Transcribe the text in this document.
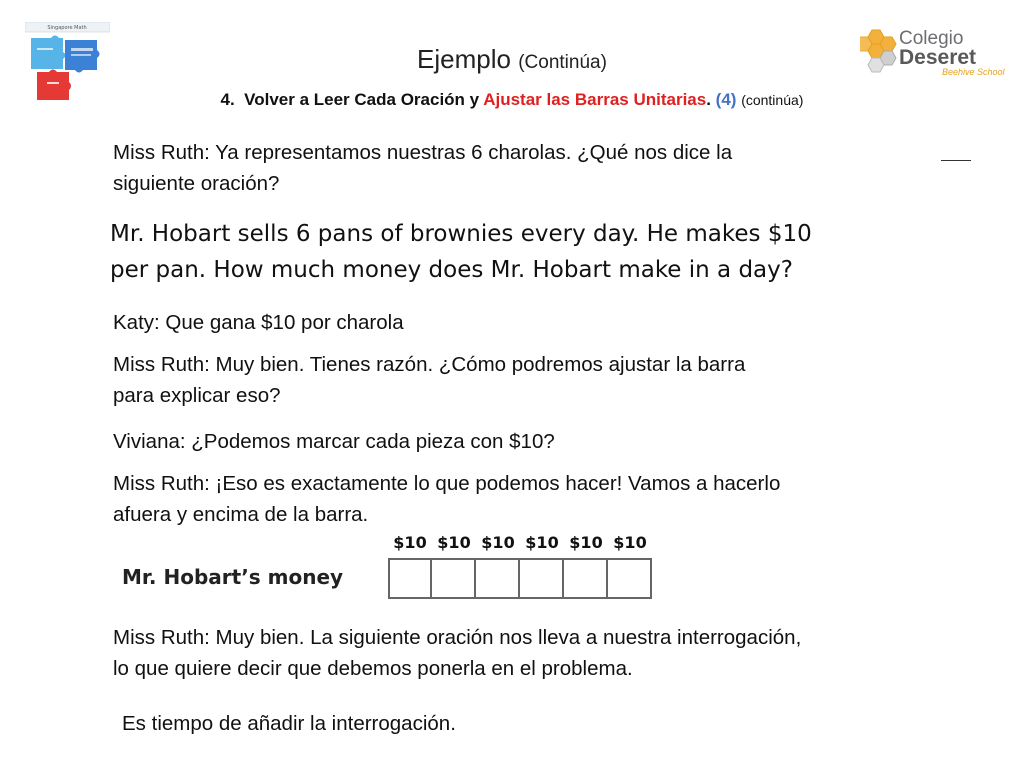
Singapore Math	Colegio
Deseret
Beehive School
Ejemplo (Continúa)
4.  Volver a Leer Cada Oración y Ajustar las Barras Unitarias. (4) (continúa)
Miss Ruth: Ya representamos nuestras 6 charolas. ¿Qué nos dice la
siguiente oración?
Mr. Hobart sells 6 pans of brownies every day. He makes $10
per pan. How much money does Mr. Hobart make in a day?
Katy: Que gana $10 por charola
Miss Ruth: Muy bien. Tienes razón. ¿Cómo podremos ajustar la barra
para explicar eso?
Viviana: ¿Podemos marcar cada pieza con $10?
Miss Ruth: ¡Eso es exactamente lo que podemos hacer! Vamos a hacerlo
afuera y encima de la barra.
Mr. Hobart’s money
$10 $10 $10 $10 $10 $10
Miss Ruth: Muy bien. La siguiente oración nos lleva a nuestra interrogación,
lo que quiere decir que debemos ponerla en el problema.
Es tiempo de añadir la interrogación.
